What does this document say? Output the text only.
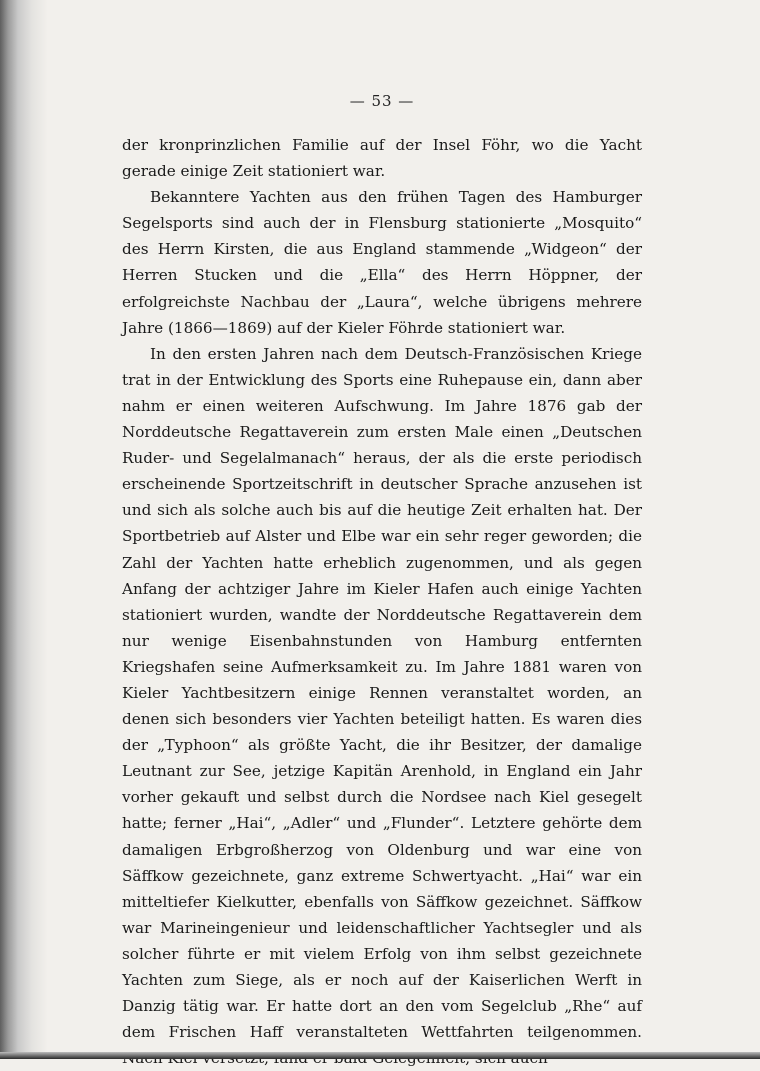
— 53 —

der kronprinzlichen Familie auf der Insel Föhr, wo die Yacht gerade einige Zeit stationiert war.

Bekanntere Yachten aus den frühen Tagen des Hamburger Segelsports sind auch der in Flensburg stationierte „Mosquito“ des Herrn Kirsten, die aus England stammende „Widgeon“ der Herren Stucken und die „Ella“ des Herrn Höppner, der erfolgreichste Nachbau der „Laura“, welche übrigens mehrere Jahre (1866—1869) auf der Kieler Föhrde stationiert war.

In den ersten Jahren nach dem Deutsch-Französischen Kriege trat in der Entwicklung des Sports eine Ruhepause ein, dann aber nahm er einen weiteren Aufschwung. Im Jahre 1876 gab der Norddeutsche Regattaverein zum ersten Male einen „Deutschen Ruder- und Segelalmanach“ heraus, der als die erste periodisch erscheinende Sportzeitschrift in deutscher Sprache anzusehen ist und sich als solche auch bis auf die heutige Zeit erhalten hat. Der Sportbetrieb auf Alster und Elbe war ein sehr reger geworden; die Zahl der Yachten hatte erheblich zugenommen, und als gegen Anfang der achtziger Jahre im Kieler Hafen auch einige Yachten stationiert wurden, wandte der Norddeutsche Regattaverein dem nur wenige Eisenbahnstunden von Hamburg entfernten Kriegshafen seine Aufmerksamkeit zu. Im Jahre 1881 waren von Kieler Yachtbesitzern einige Rennen veranstaltet worden, an denen sich besonders vier Yachten beteiligt hatten. Es waren dies der „Typhoon“ als größte Yacht, die ihr Besitzer, der damalige Leutnant zur See, jetzige Kapitän Arenhold, in England ein Jahr vorher gekauft und selbst durch die Nordsee nach Kiel gesegelt hatte; ferner „Hai“, „Adler“ und „Flunder“. Letztere gehörte dem damaligen Erbgroßherzog von Oldenburg und war eine von Säffkow gezeichnete, ganz extreme Schwertyacht. „Hai“ war ein mitteltiefer Kielkutter, ebenfalls von Säffkow gezeichnet. Säffkow war Marineingenieur und leidenschaftlicher Yachtsegler und als solcher führte er mit vielem Erfolg von ihm selbst gezeichnete Yachten zum Siege, als er noch auf der Kaiserlichen Werft in Danzig tätig war. Er hatte dort an den vom Segelclub „Rhe“ auf dem Frischen Haff veranstalteten Wettfahrten teilgenommen.
